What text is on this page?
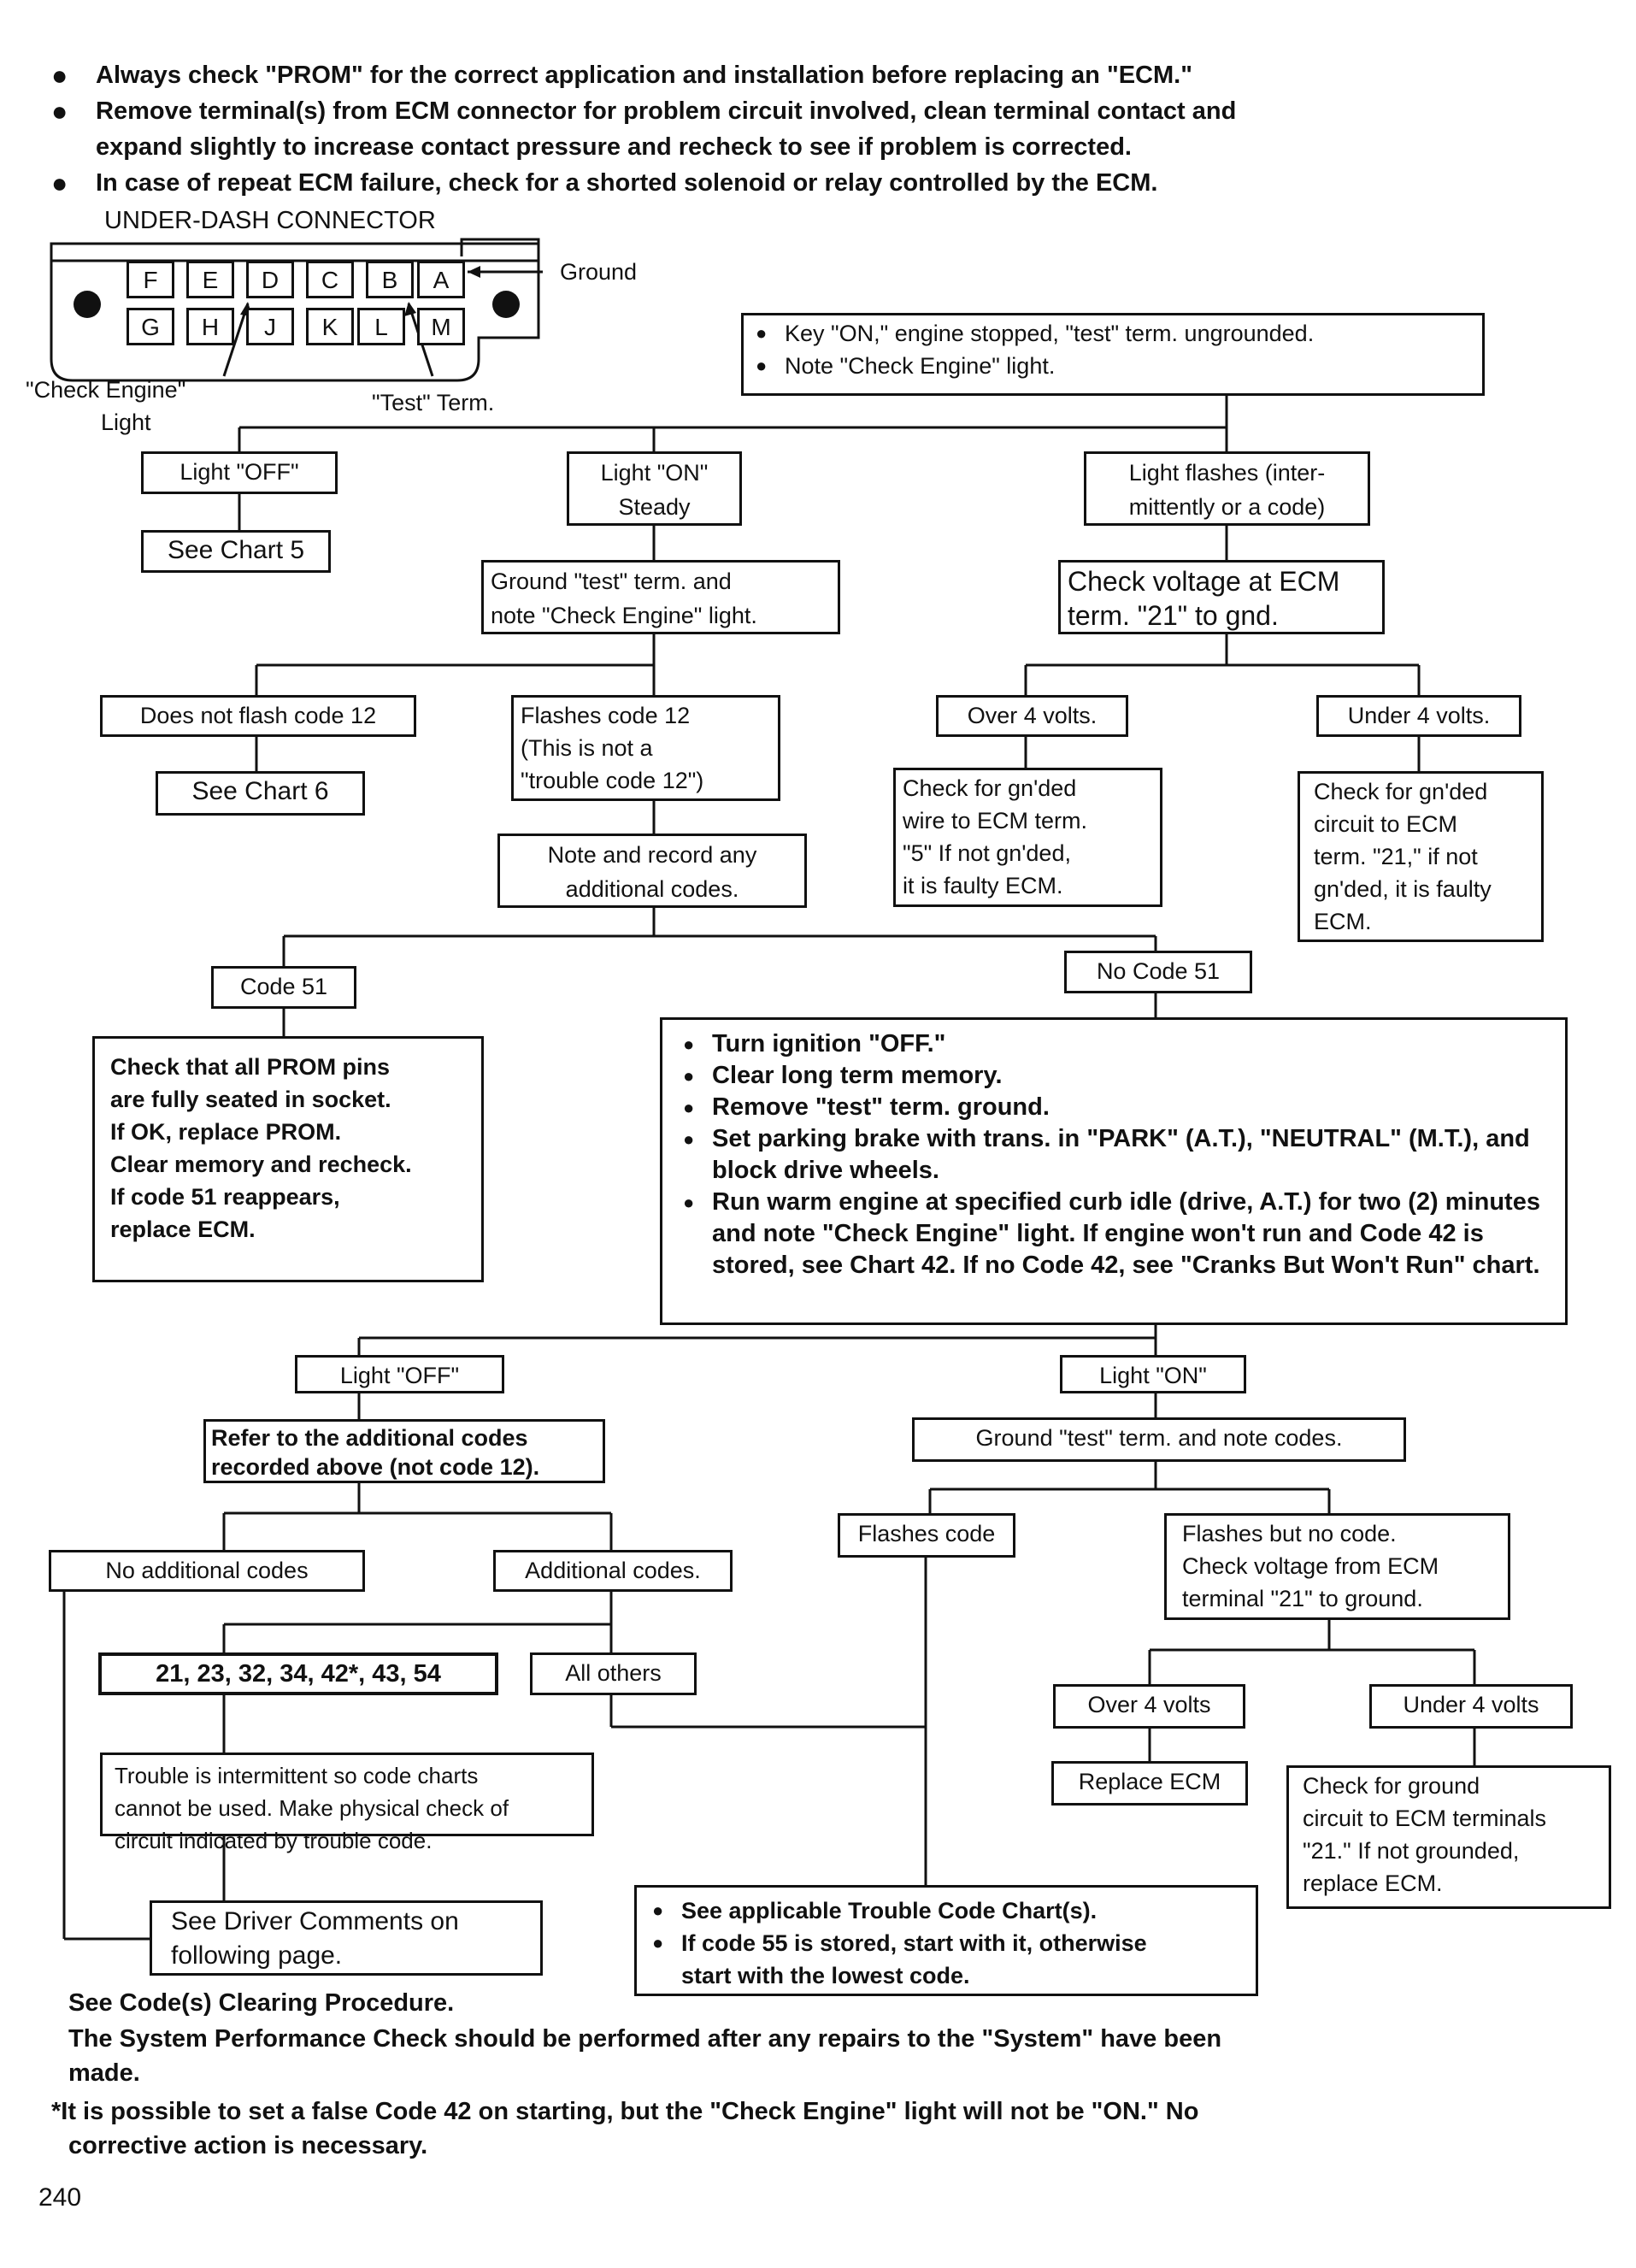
● Always check "PROM" for the correct application and installation before replacing an "ECM."
● Remove terminal(s) from ECM connector for problem circuit involved, clean terminal contact and
expand slightly to increase contact pressure and recheck to see if problem is corrected.
● In case of repeat ECM failure, check for a shorted solenoid or relay controlled by the ECM.
UNDER-DASH CONNECTOR
F	E	D	C	B	A
G	H	J	K	L	M
Ground
"Check Engine"
Light
"Test" Term.
● Key "ON," engine stopped, "test" term. ungrounded.
● Note "Check Engine" light.
Light "OFF"	Light "ON"
Steady
Light flashes (inter-
mittently or a code)
See Chart 5
Ground "test" term. and
note "Check Engine" light.
Check voltage at ECM
term. "21" to gnd.
Does not flash code 12	Flashes code 12
(This is not a
"trouble code 12")
Over 4 volts.	Under 4 volts.
See Chart 6	Check for gn'ded
wire to ECM term.
"5" If not gn'ded,
it is faulty ECM.
Check for gn'ded
circuit to ECM
term. "21," if not
gn'ded, it is faulty
ECM.
Note and record any
additional codes.
Code 51
No Code 51
Check that all PROM pins
are fully seated in socket.
If OK, replace PROM.
Clear memory and recheck.
If code 51 reappears,
replace ECM.
● Turn ignition "OFF."
● Clear long term memory.
● Remove "test" term. ground.
● Set parking brake with trans. in "PARK" (A.T.), "NEUTRAL" (M.T.), and block drive wheels.
● Run warm engine at specified curb idle (drive, A.T.) for two (2) minutes and note "Check Engine" light. If engine won't run and Code 42 is stored, see Chart 42. If no Code 42, see "Cranks But Won't Run" chart.
Light "OFF"	Light "ON"
Refer to the additional codes
recorded above (not code 12).
Ground "test" term. and note codes.
No additional codes	Additional codes.
Flashes code	Flashes but no code.
Check voltage from ECM
terminal "21" to ground.
21, 23, 32, 34, 42*, 43, 54	All others
Over 4 volts	Under 4 volts
Replace ECM	Check for ground
circuit to ECM terminals
"21." If not grounded,
replace ECM.
Trouble is intermittent so code charts
cannot be used. Make physical check of
circuit indicated by trouble code.
See Driver Comments on
following page.
● See applicable Trouble Code Chart(s).
● If code 55 is stored, start with it, otherwise
start with the lowest code.
See Code(s) Clearing Procedure.
The System Performance Check should be performed after any repairs to the "System" have been
made.
*It is possible to set a false Code 42 on starting, but the "Check Engine" light will not be "ON." No
corrective action is necessary.
240
